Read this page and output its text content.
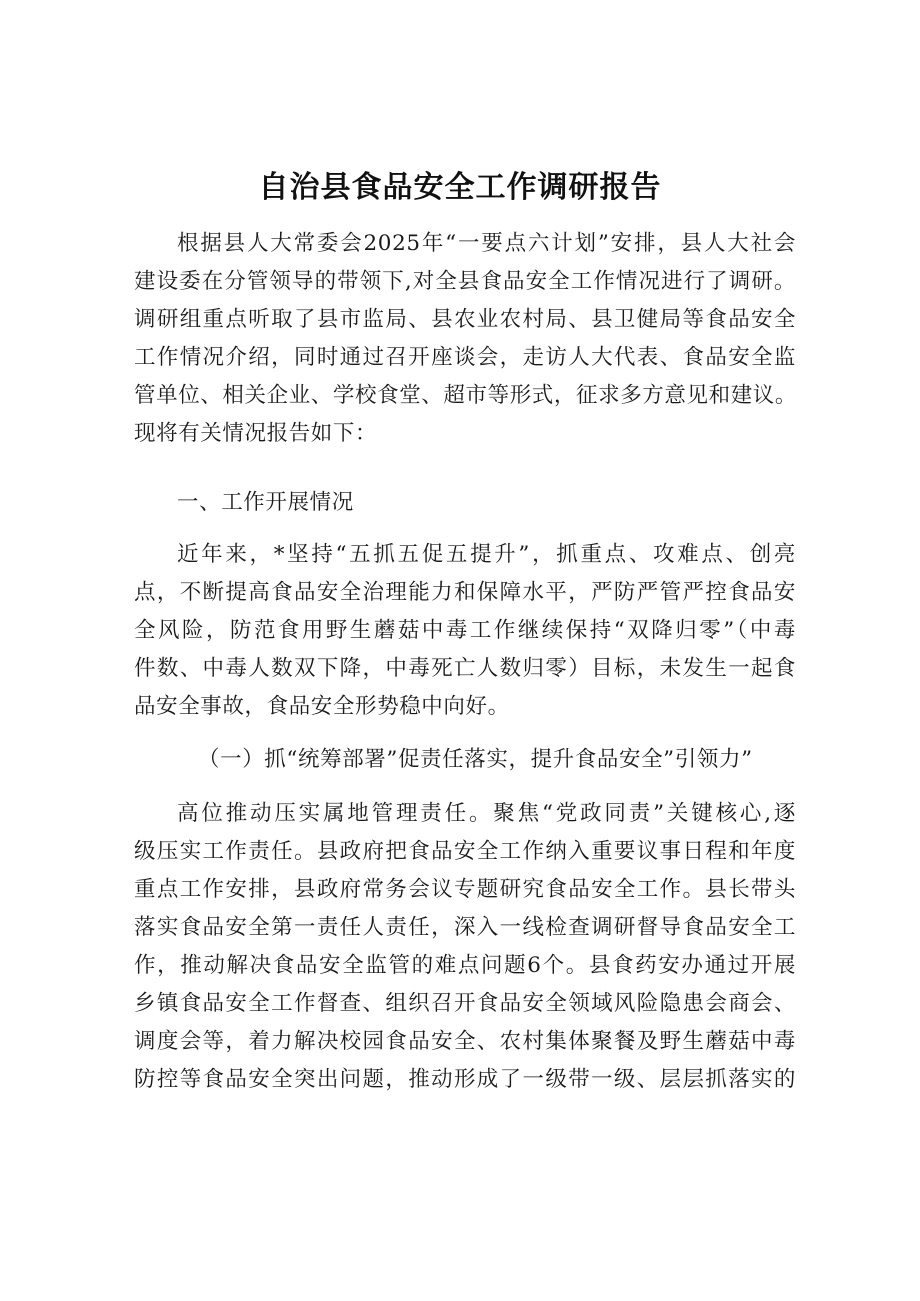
自治县食品安全工作调研报告
根据县人大常委会2025年“一要点六计划”安排，县人大社会
建设委在分管领导的带领下,对全县食品安全工作情况进行了调研。
调研组重点听取了县市监局、县农业农村局、县卫健局等食品安全
工作情况介绍，同时通过召开座谈会，走访人大代表、食品安全监
管单位、相关企业、学校食堂、超市等形式，征求多方意见和建议。
现将有关情况报告如下：
一、工作开展情况
近年来，*坚持“五抓五促五提升”，抓重点、攻难点、创亮
点，不断提高食品安全治理能力和保障水平，严防严管严控食品安
全风险，防范食用野生蘑菇中毒工作继续保持“双降归零”（中毒
件数、中毒人数双下降，中毒死亡人数归零）目标，未发生一起食
品安全事故，食品安全形势稳中向好。
（一）抓“统筹部署”促责任落实，提升食品安全”引领力”
高位推动压实属地管理责任。聚焦“党政同责”关键核心,逐
级压实工作责任。县政府把食品安全工作纳入重要议事日程和年度
重点工作安排，县政府常务会议专题研究食品安全工作。县长带头
落实食品安全第一责任人责任，深入一线检查调研督导食品安全工
作，推动解决食品安全监管的难点问题6个。县食药安办通过开展
乡镇食品安全工作督查、组织召开食品安全领域风险隐患会商会、
调度会等，着力解决校园食品安全、农村集体聚餐及野生蘑菇中毒
防控等食品安全突出问题，推动形成了一级带一级、层层抓落实的
